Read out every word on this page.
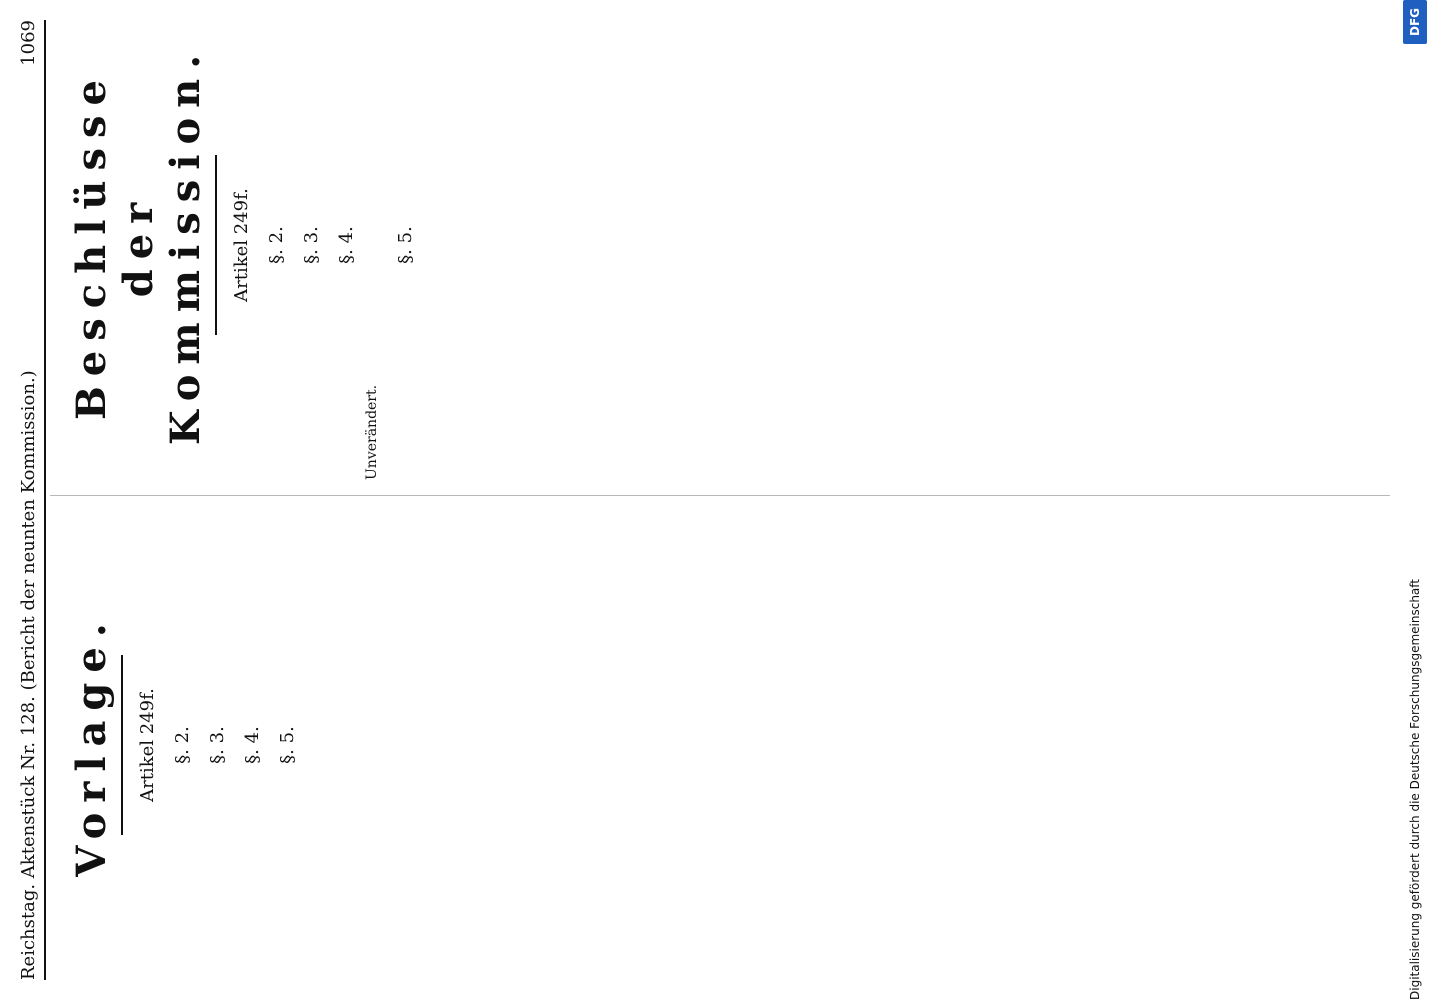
Reichstag. Aktenstück Nr. 128. (Bericht der neunten Kommission.)
1069
Vorlage. Artikel 249f. §. 2. §. 3. §. 4. §. 5.
Beschlüsse der Kommission. Artikel 249f. §. 2. §. 3. §. 4.
Unverändert.
§. 5.
Digitalisierung gefördert durch die Deutsche Forschungsgemeinschaft
DFG
